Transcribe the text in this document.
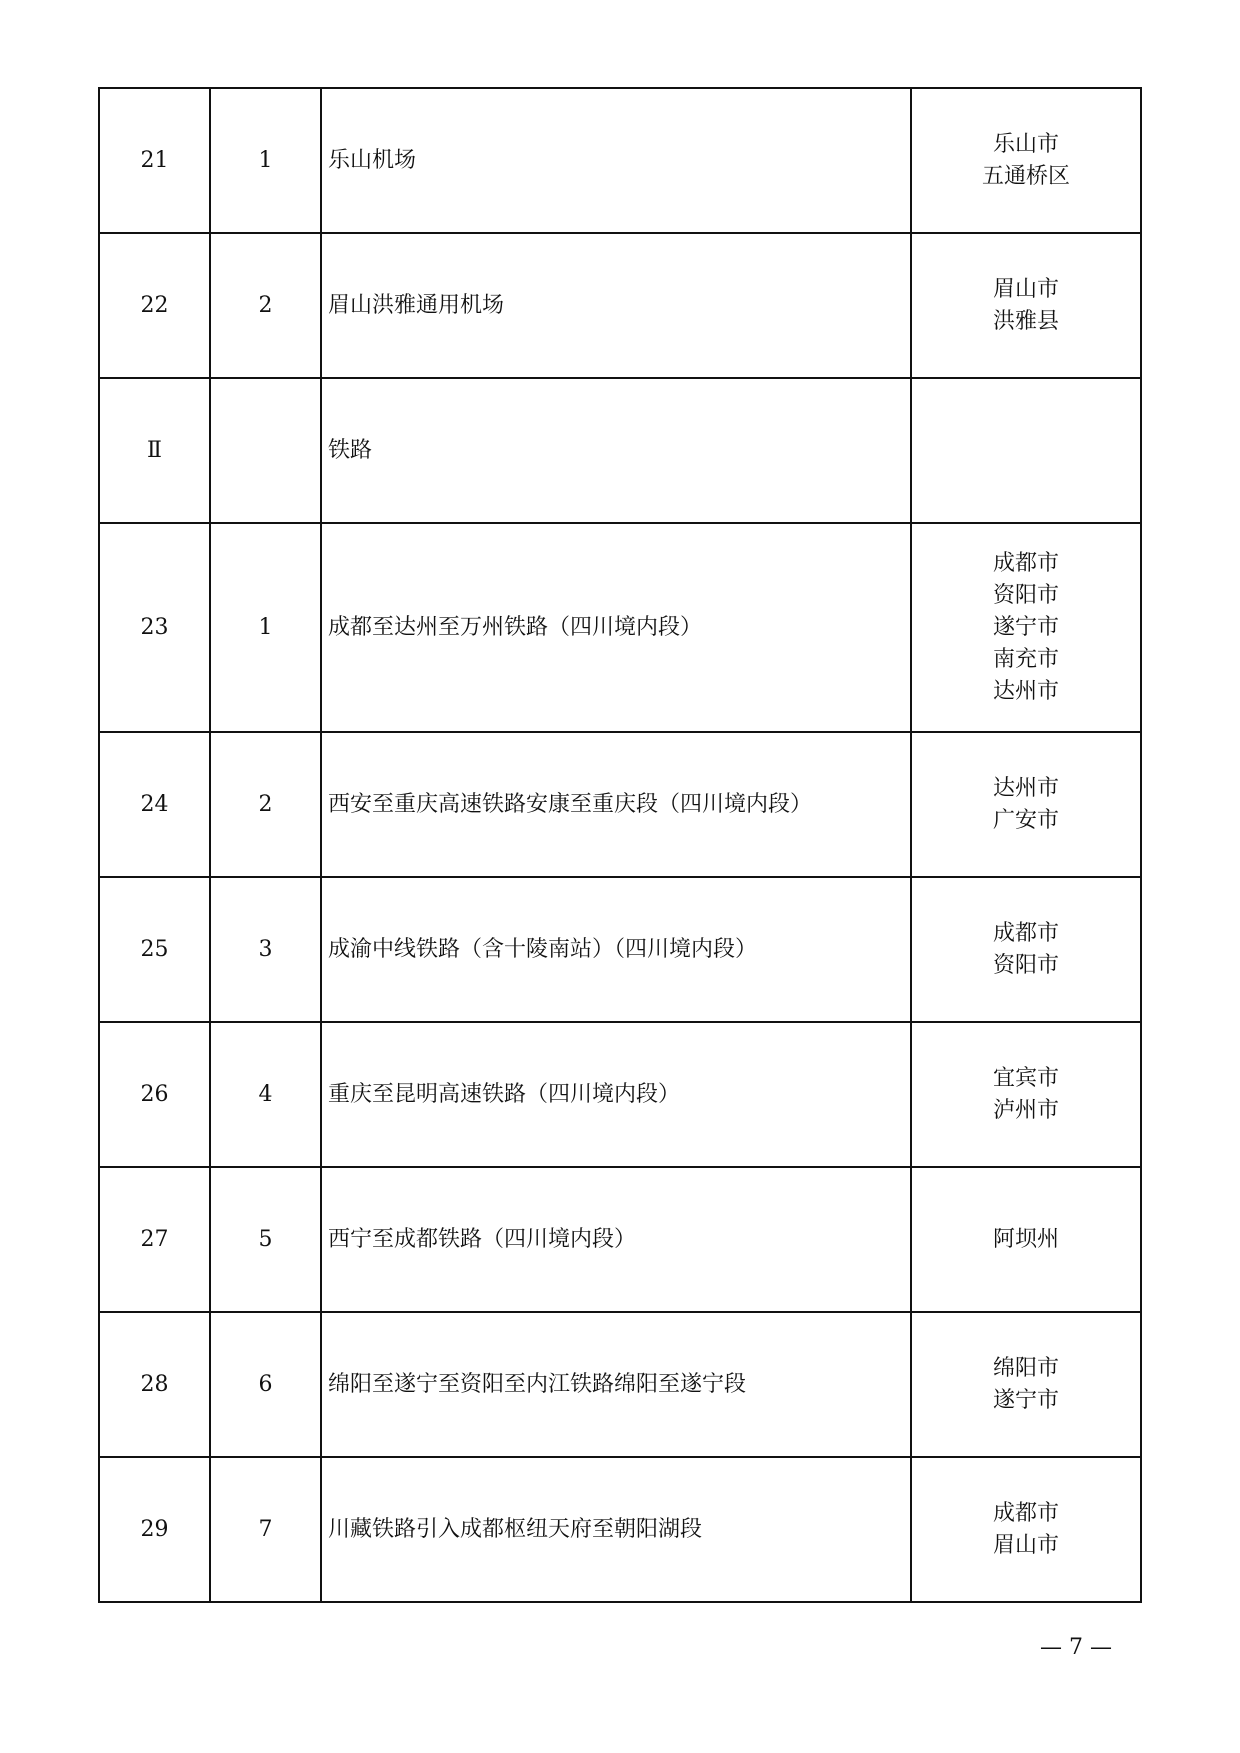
21	1	乐山机场	乐山市
五通桥区

22	2	眉山洪雅通用机场	眉山市
洪雅县

Ⅱ		铁路	
23	1	成都至达州至万州铁路（四川境内段）	成都市
资阳市
遂宁市
南充市
达州市

24	2	西安至重庆高速铁路安康至重庆段（四川境内段）	达州市
广安市

25	3	成渝中线铁路（含十陵南站）（四川境内段）	成都市
资阳市

26	4	重庆至昆明高速铁路（四川境内段）	宜宾市
泸州市

27	5	西宁至成都铁路（四川境内段）	阿坝州

28	6	绵阳至遂宁至资阳至内江铁路绵阳至遂宁段	绵阳市
遂宁市

29	7	川藏铁路引入成都枢纽天府至朝阳湖段	成都市
眉山市
— 7 —
